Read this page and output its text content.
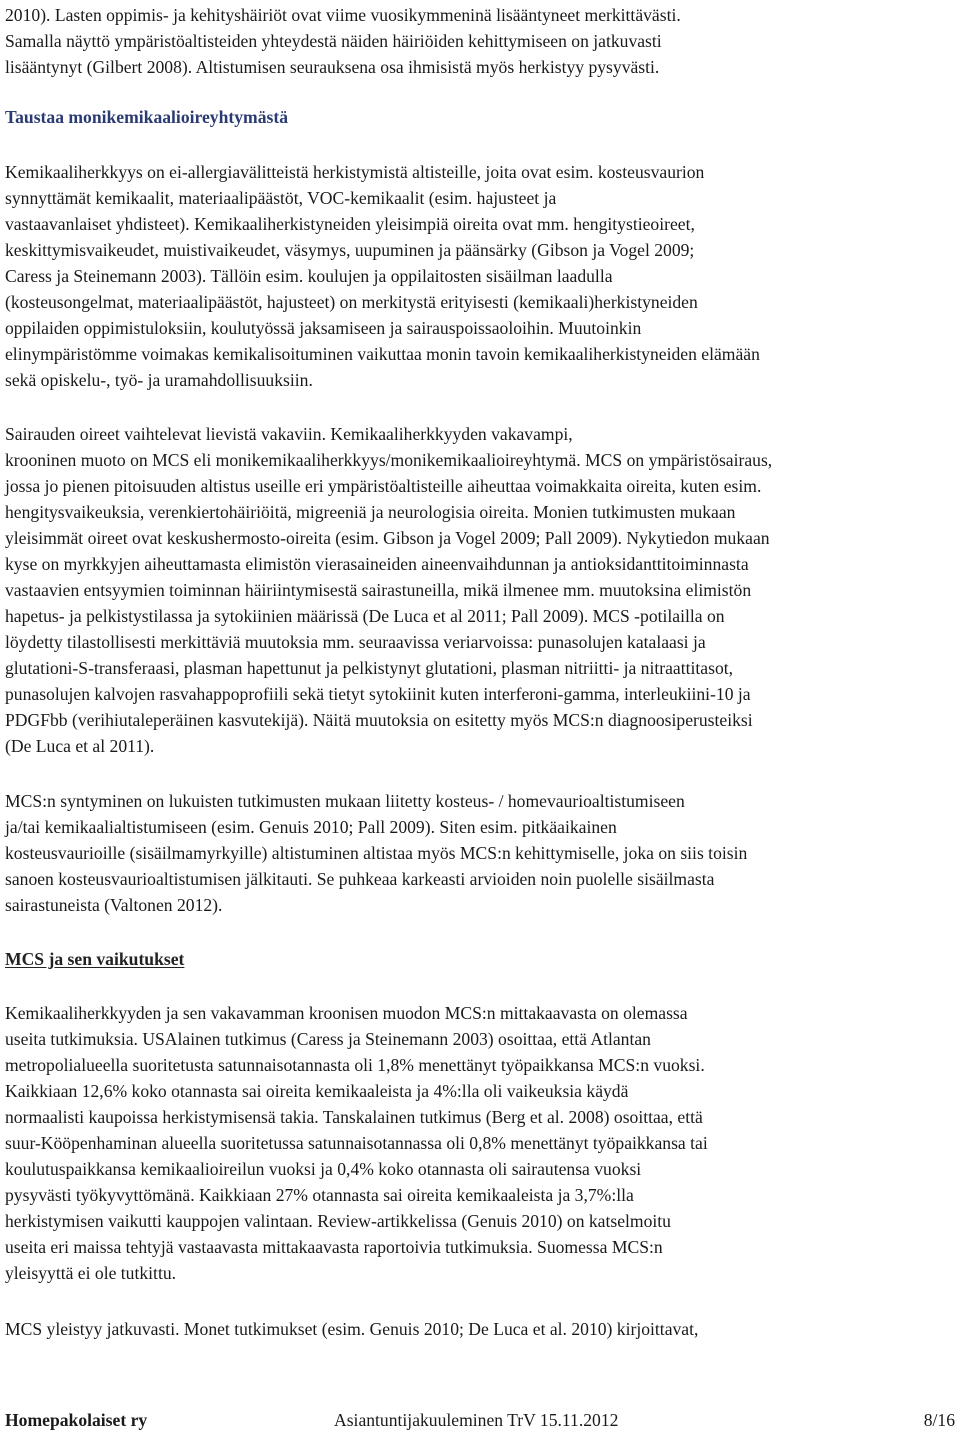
2010). Lasten oppimis- ja kehityshäiriöt ovat viime vuosikymmeninä lisääntyneet merkittävästi.
Samalla näyttö ympäristöaltisteiden yhteydestä näiden häiriöiden kehittymiseen on jatkuvasti
lisääntynyt (Gilbert 2008). Altistumisen seurauksena osa ihmisistä myös herkistyy pysyvästi.
Taustaa monikemikaalioireyhtymästä
Kemikaaliherkkyys on ei-allergiavälitteistä herkistymistä altisteille, joita ovat esim. kosteusvaurion
synnyttämät kemikaalit, materiaalipäästöt, VOC-kemikaalit (esim. hajusteet ja
vastaavanlaiset yhdisteet). Kemikaaliherkistyneiden yleisimpiä oireita ovat mm. hengitystieoireet,
keskittymisvaikeudet, muistivaikeudet, väsymys, uupuminen ja päänsärky (Gibson ja Vogel 2009;
Caress ja Steinemann 2003). Tällöin esim. koulujen ja oppilaitosten sisäilman laadulla
(kosteusongelmat, materiaalipäästöt, hajusteet) on merkitystä erityisesti (kemikaali)herkistyneiden
oppilaiden oppimistuloksiin, koulutyössä jaksamiseen ja sairauspoissaoloihin. Muutoinkin
elinympäristömme voimakas kemikalisoituminen vaikuttaa monin tavoin kemikaaliherkistyneiden elämään
sekä opiskelu-, työ- ja uramahdollisuuksiin.
Sairauden oireet vaihtelevat lievistä vakaviin. Kemikaaliherkkyyden vakavampi,
krooninen muoto on MCS eli monikemikaaliherkkyys/monikemikaalioireyhtymä. MCS on ympäristösairaus,
jossa jo pienen pitoisuuden altistus useille eri ympäristöaltisteille aiheuttaa voimakkaita oireita, kuten esim.
hengitysvaikeuksia, verenkiertohäiriöitä, migreeniä ja neurologisia oireita. Monien tutkimusten mukaan
yleisimmät oireet ovat keskushermosto-oireita (esim. Gibson ja Vogel 2009; Pall 2009). Nykytiedon mukaan
kyse on myrkkyjen aiheuttamasta elimistön vierasaineiden aineenvaihdunnan ja antioksidanttitoiminnasta
vastaavien entsyymien toiminnan häiriintymisestä sairastuneilla, mikä ilmenee mm. muutoksina elimistön
hapetus- ja pelkistystilassa ja sytokiinien määrissä (De Luca et al 2011; Pall 2009). MCS -potilailla on
löydetty tilastollisesti merkittäviä muutoksia mm. seuraavissa veriarvoissa: punasolujen katalaasi ja
glutationi-S-transferaasi, plasman hapettunut ja pelkistynyt glutationi, plasman nitriitti- ja nitraattitasot,
punasolujen kalvojen rasvahappoprofiili sekä tietyt sytokiinit kuten interferoni-gamma, interleukiini-10 ja
PDGFbb (verihiutaleperäinen kasvutekijä). Näitä muutoksia on esitetty myös MCS:n diagnoosiperusteiksi
(De Luca et al 2011).
MCS:n syntyminen on lukuisten tutkimusten mukaan liitetty kosteus- / homevaurioaltistumiseen
ja/tai kemikaalialtistumiseen (esim. Genuis 2010; Pall 2009). Siten esim. pitkäaikainen
kosteusvaurioille (sisäilmamyrkyille) altistuminen altistaa myös MCS:n kehittymiselle, joka on siis toisin
sanoen kosteusvaurioaltistumisen jälkitauti. Se puhkeaa karkeasti arvioiden noin puolelle sisäilmasta
sairastuneista (Valtonen 2012).
MCS ja sen vaikutukset
Kemikaaliherkkyyden ja sen vakavamman kroonisen muodon MCS:n mittakaavasta on olemassa
useita tutkimuksia. USAlainen tutkimus (Caress ja Steinemann 2003) osoittaa, että Atlantan
metropolialueella suoritetusta satunnaisotannasta oli 1,8% menettänyt työpaikkansa MCS:n vuoksi.
Kaikkiaan 12,6% koko otannasta sai oireita kemikaaleista ja 4%:lla oli vaikeuksia käydä
normaalisti kaupoissa herkistymisensä takia. Tanskalainen tutkimus (Berg et al. 2008) osoittaa, että
suur-Kööpenhaminan alueella suoritetussa satunnaisotannassa oli 0,8% menettänyt työpaikkansa tai
koulutuspaikkansa kemikaalioireilun vuoksi ja 0,4% koko otannasta oli sairautensa vuoksi
pysyvästi työkyvyttömänä. Kaikkiaan 27% otannasta sai oireita kemikaaleista ja 3,7%:lla
herkistymisen vaikutti kauppojen valintaan. Review-artikkelissa (Genuis 2010) on katselmoitu
useita eri maissa tehtyjä vastaavasta mittakaavasta raportoivia tutkimuksia. Suomessa MCS:n
yleisyyttä ei ole tutkittu.
MCS yleistyy jatkuvasti. Monet tutkimukset (esim. Genuis 2010; De Luca et al. 2010) kirjoittavat,
Homepakolaiset ry	Asiantuntijakuuleminen TrV 15.11.2012	8/16
